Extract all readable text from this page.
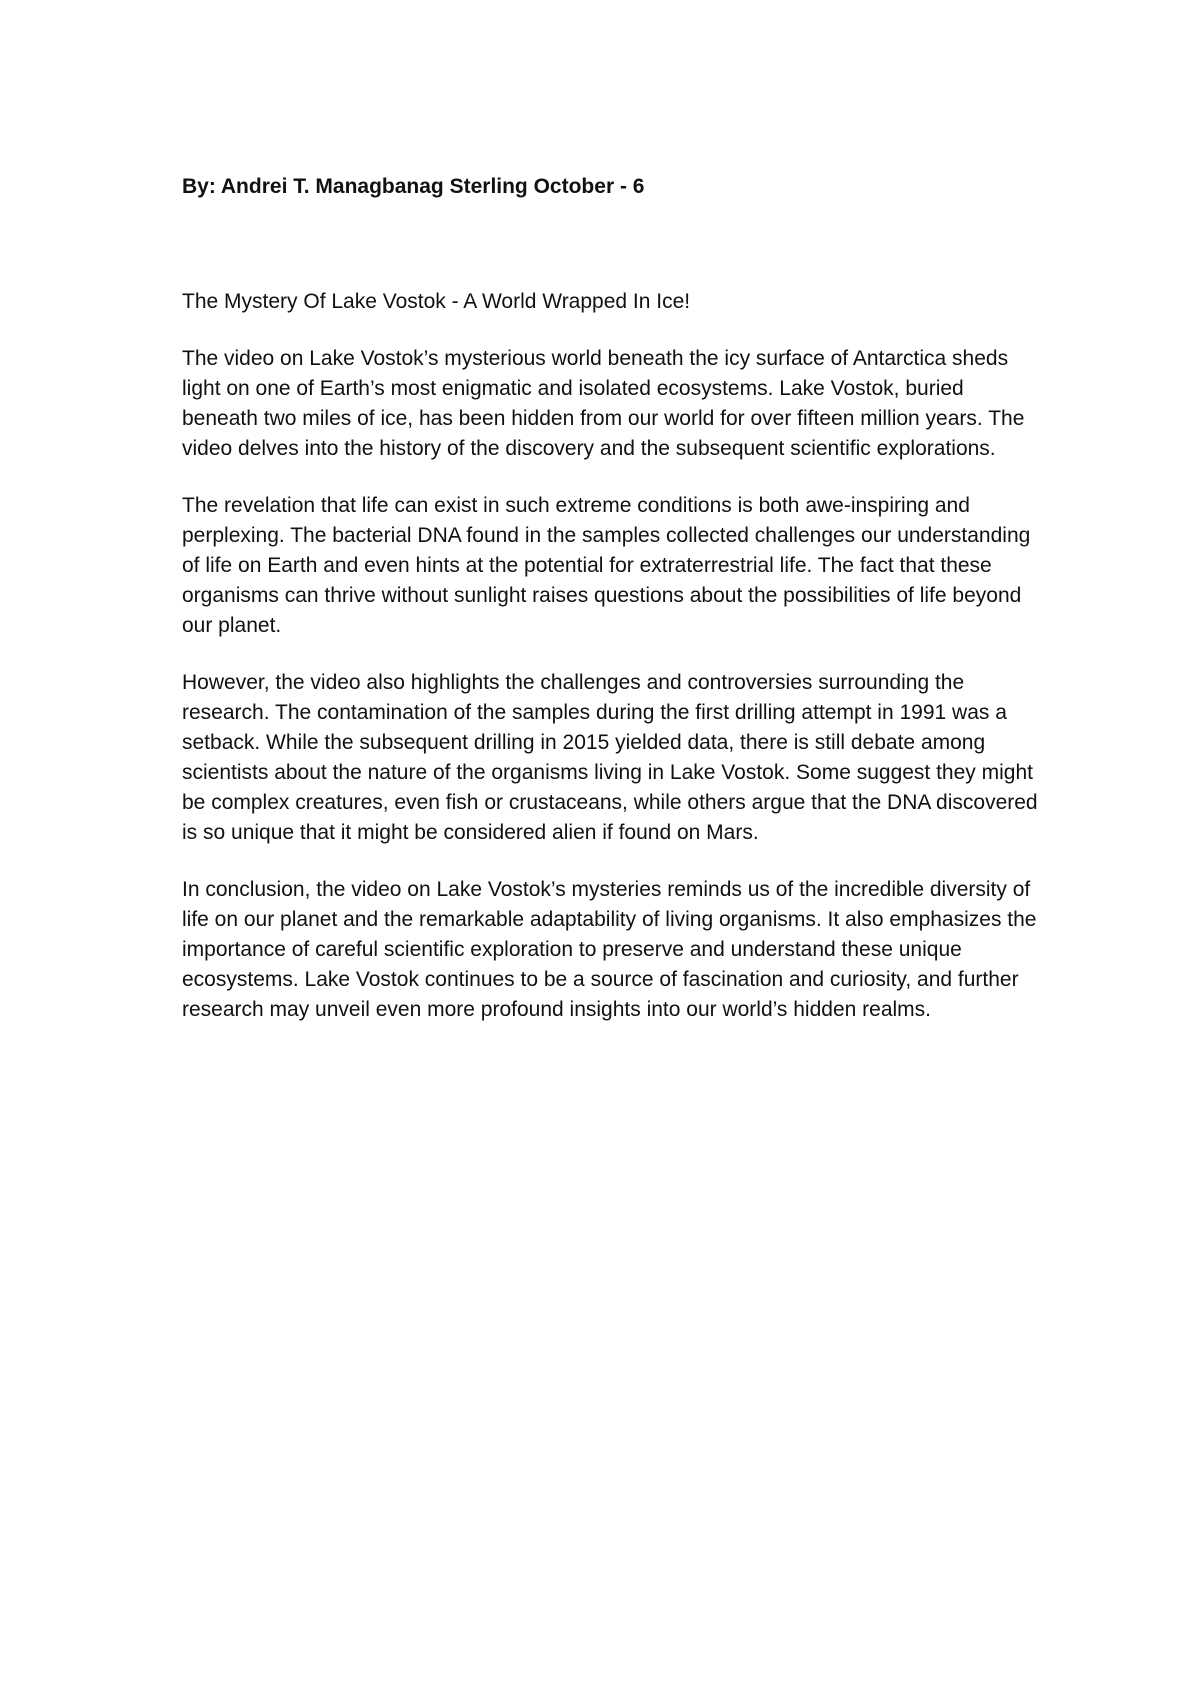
By: Andrei T. Managbanag Sterling October - 6

The Mystery Of Lake Vostok - A World Wrapped In Ice!

The video on Lake Vostok’s mysterious world beneath the icy surface of Antarctica sheds light on one of Earth’s most enigmatic and isolated ecosystems. Lake Vostok, buried beneath two miles of ice, has been hidden from our world for over fifteen million years. The video delves into the history of the discovery and the subsequent scientific explorations.

The revelation that life can exist in such extreme conditions is both awe-inspiring and perplexing. The bacterial DNA found in the samples collected challenges our understanding of life on Earth and even hints at the potential for extraterrestrial life. The fact that these organisms can thrive without sunlight raises questions about the possibilities of life beyond our planet.

However, the video also highlights the challenges and controversies surrounding the research. The contamination of the samples during the first drilling attempt in 1991 was a setback. While the subsequent drilling in 2015 yielded data, there is still debate among scientists about the nature of the organisms living in Lake Vostok. Some suggest they might be complex creatures, even fish or crustaceans, while others argue that the DNA discovered is so unique that it might be considered alien if found on Mars.

In conclusion, the video on Lake Vostok’s mysteries reminds us of the incredible diversity of life on our planet and the remarkable adaptability of living organisms. It also emphasizes the importance of careful scientific exploration to preserve and understand these unique ecosystems. Lake Vostok continues to be a source of fascination and curiosity, and further research may unveil even more profound insights into our world’s hidden realms.
